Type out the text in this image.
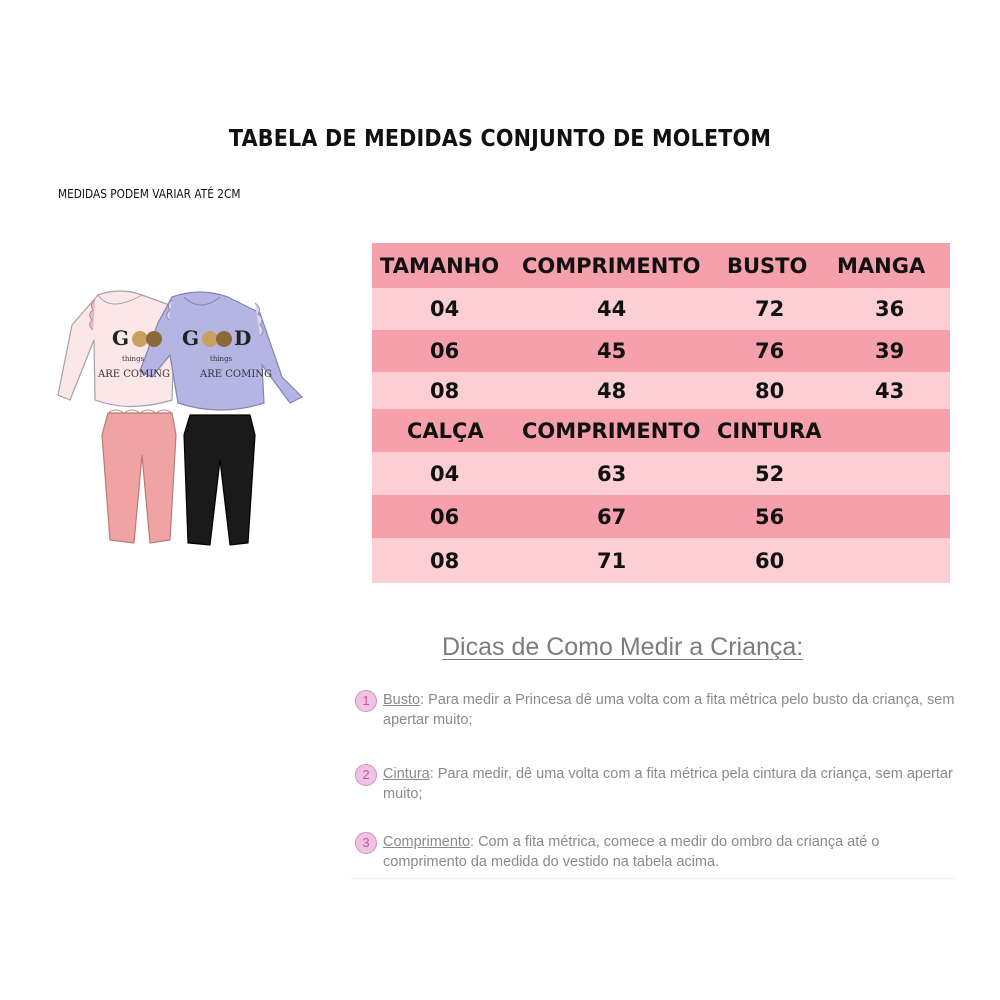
TABELA DE MEDIDAS CONJUNTO DE MOLETOM
MEDIDAS PODEM VARIAR ATÉ 2CM
G
things
ARE COMING
G D
things
ARE COMING
TAMANHO COMPRIMENTO BUSTO MANGA
04	44	72	36
06	45	76	39
08	48	80	43
CALÇA COMPRIMENTO CINTURA
04	63	52
06	67	56
08	71	60
Dicas de Como Medir a Criança:
1 Busto: Para medir a Princesa dê uma volta com a fita métrica pelo busto da criança, sem apertar muito;
2 Cintura: Para medir, dê uma volta com a fita métrica pela cintura da criança, sem apertar muito;
3 Comprimento: Com a fita métrica, comece a medir do ombro da criança até o comprimento da medida do vestido na tabela acima.
